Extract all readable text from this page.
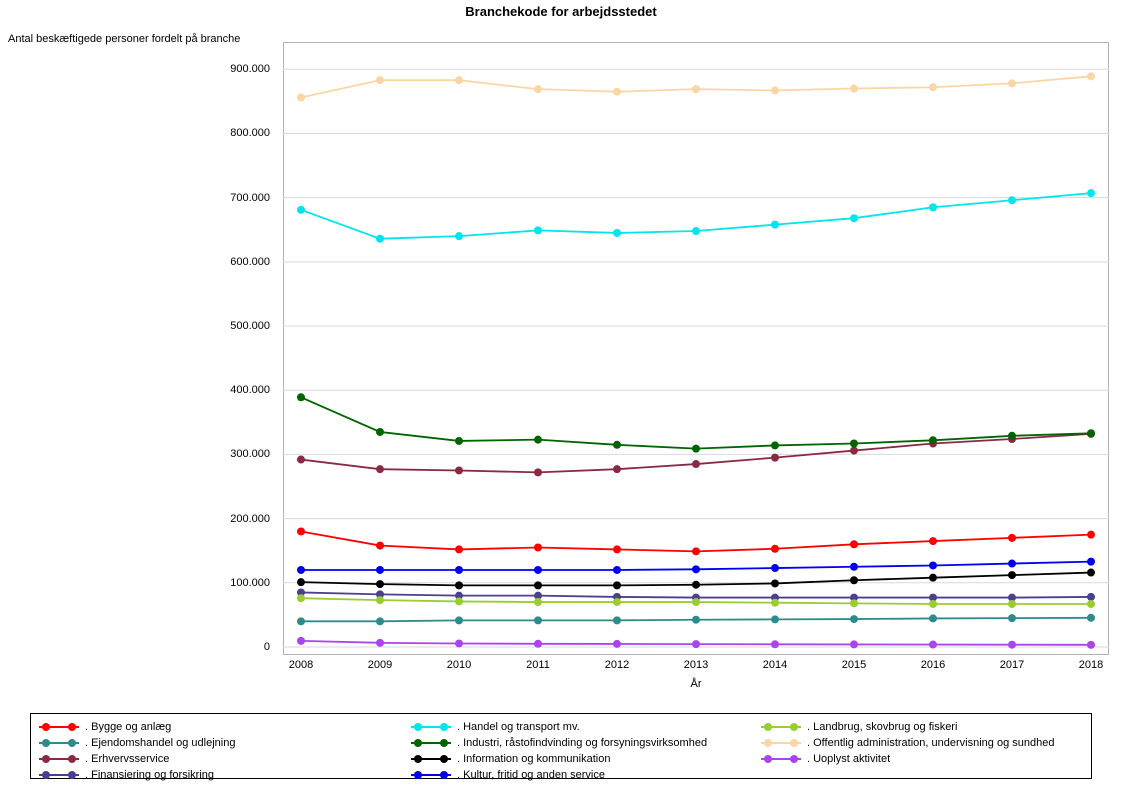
Branchekode for arbejdsstedet
Antal beskæftigede personer fordelt på branche
0
100.000
200.000
300.000
400.000
500.000
600.000
700.000
800.000
900.000
2008	2009	2010	2011	2012	2013	2014	2015	2016	2017	2018
År
. Bygge og anlæg	. Handel og transport mv.	. Landbrug, skovbrug og fiskeri
. Ejendomshandel og udlejning	. Industri, råstofindvinding og forsyningsvirksomhed	. Offentlig administration, undervisning og sundhed
. Erhvervsservice	. Information og kommunikation	. Uoplyst aktivitet
. Finansiering og forsikring	. Kultur, fritid og anden service
